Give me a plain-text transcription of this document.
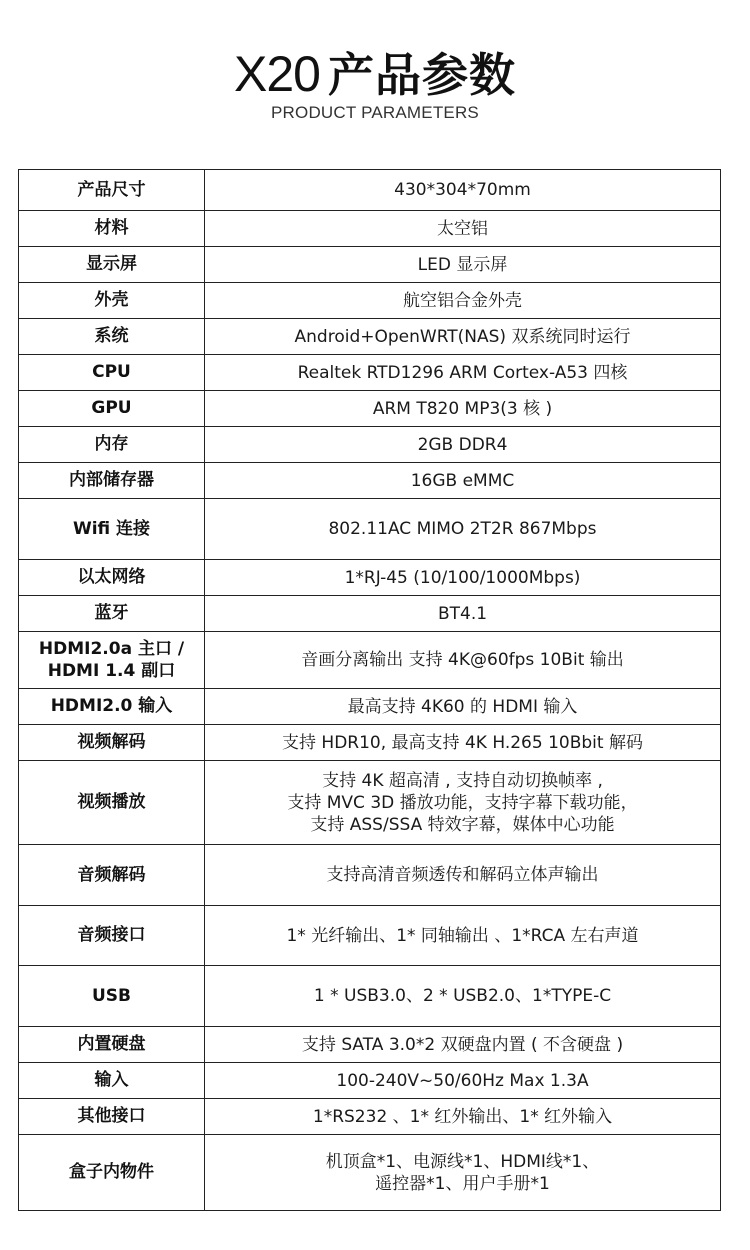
X20 产品参数
PRODUCT PARAMETERS
产品尺寸	430*304*70mm

材料	太空铝

显示屏	LED 显示屏

外壳	航空铝合金外壳

系统	Android+OpenWRT(NAS) 双系统同时运行

CPU	Realtek RTD1296 ARM Cortex-A53 四核

GPU	ARM T820 MP3(3 核 )

内存	2GB DDR4

内部储存器	16GB eMMC

Wifi 连接	802.11AC MIMO 2T2R 867Mbps

以太网络	1*RJ-45 (10/100/1000Mbps)

蓝牙	BT4.1

HDMI2.0a 主口 /
HDMI 1.4 副口	音画分离输出 支持 4K@60fps 10Bit 输出

HDMI2.0 输入	最高支持 4K60 的 HDMI 输入

视频解码	支持 HDR10, 最高支持 4K H.265 10Bbit 解码

视频播放	支持 4K 超高清 , 支持自动切换帧率 ,
支持 MVC 3D 播放功能，支持字幕下载功能，
支持 ASS/SSA 特效字幕，媒体中心功能

音频解码	支持高清音频透传和解码立体声输出

音频接口	1* 光纤输出、1* 同轴输出 、1*RCA 左右声道

USB	1 * USB3.0、2 * USB2.0、1*TYPE-C

内置硬盘	支持 SATA 3.0*2 双硬盘内置 ( 不含硬盘 )

输入	100-240V~50/60Hz Max 1.3A

其他接口	1*RS232 、1* 红外输出、1* 红外输入

盒子内物件	机顶盒*1、电源线*1、HDMI线*1、
遥控器*1、用户手册*1
